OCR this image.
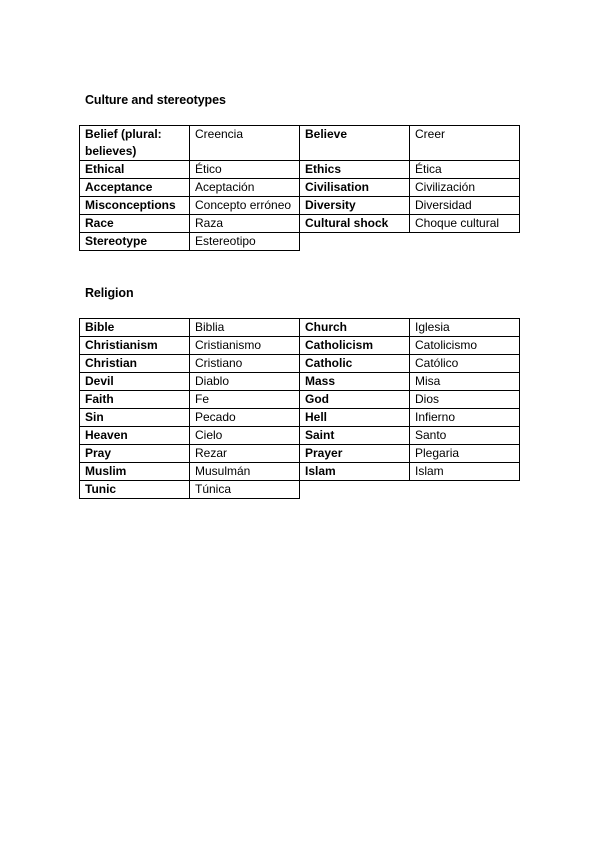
Culture and stereotypes
Belief (plural: believes)	Creencia	Believe	Creer
Ethical	Ético	Ethics	Ética
Acceptance	Aceptación	Civilisation	Civilización
Misconceptions	Concepto erróneo	Diversity	Diversidad
Race	Raza	Cultural shock	Choque cultural
Stereotype	Estereotipo		
Religion
Bible	Biblia	Church	Iglesia
Christianism	Cristianismo	Catholicism	Catolicismo
Christian	Cristiano	Catholic	Católico
Devil	Diablo	Mass	Misa
Faith	Fe	God	Dios
Sin	Pecado	Hell	Infierno
Heaven	Cielo	Saint	Santo
Pray	Rezar	Prayer	Plegaria
Muslim	Musulmán	Islam	Islam
Tunic	Túnica		
